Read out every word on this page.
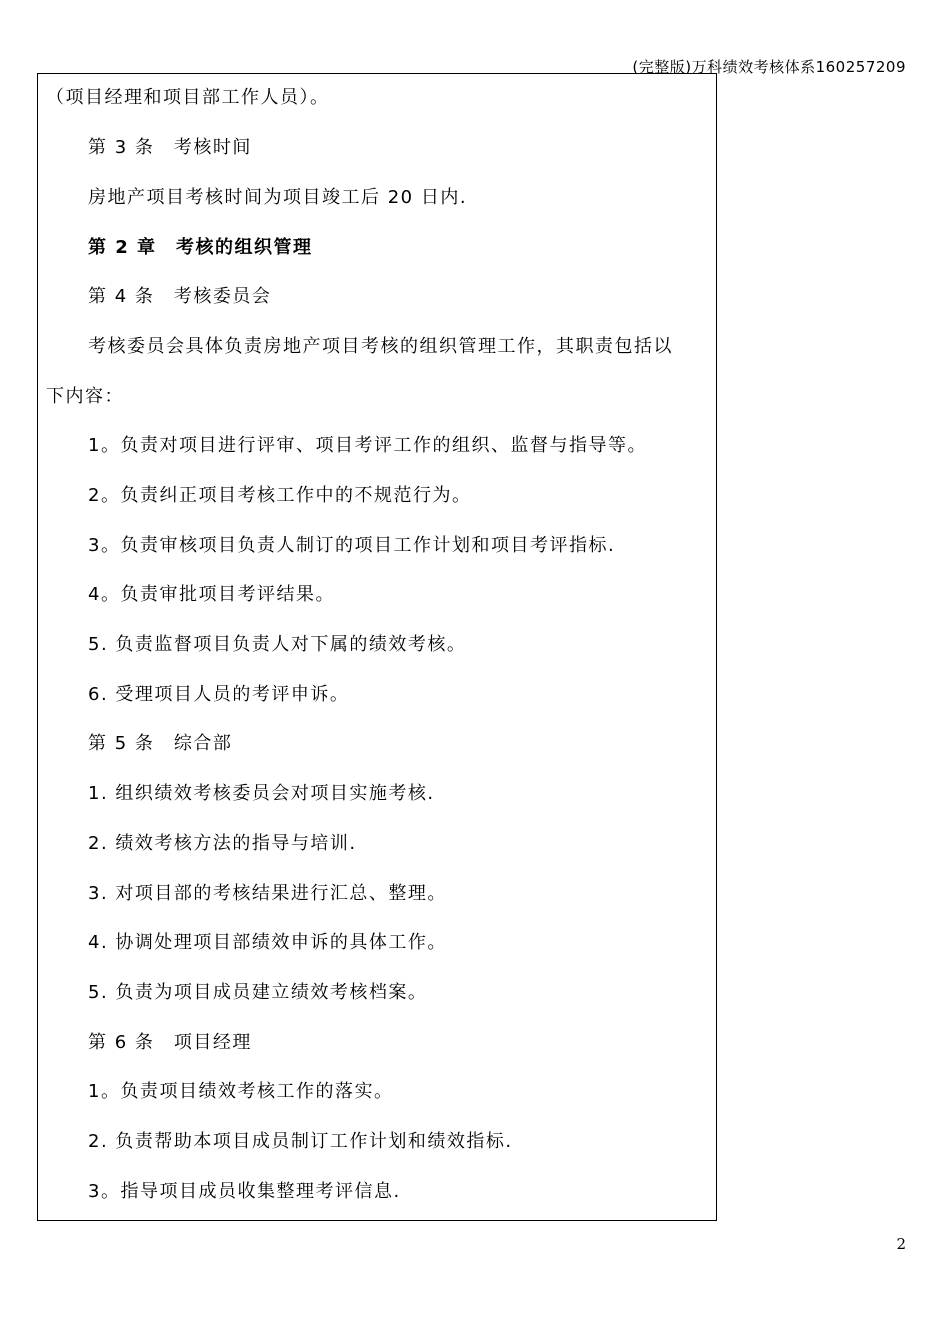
(完整版)万科绩效考核体系160257209
（项目经理和项目部工作人员）。
第 3 条　考核时间
房地产项目考核时间为项目竣工后 20 日内.
第 2 章　考核的组织管理
第 4 条　考核委员会
考核委员会具体负责房地产项目考核的组织管理工作，其职责包括以
下内容：
1。负责对项目进行评审、项目考评工作的组织、监督与指导等。
2。负责纠正项目考核工作中的不规范行为。
3。负责审核项目负责人制订的项目工作计划和项目考评指标.
4。负责审批项目考评结果。
5. 负责监督项目负责人对下属的绩效考核。
6. 受理项目人员的考评申诉。
第 5 条　综合部
1. 组织绩效考核委员会对项目实施考核.
2. 绩效考核方法的指导与培训.
3. 对项目部的考核结果进行汇总、整理。
4. 协调处理项目部绩效申诉的具体工作。
5. 负责为项目成员建立绩效考核档案。
第 6 条　项目经理
1。负责项目绩效考核工作的落实。
2. 负责帮助本项目成员制订工作计划和绩效指标.
3。指导项目成员收集整理考评信息.
2
